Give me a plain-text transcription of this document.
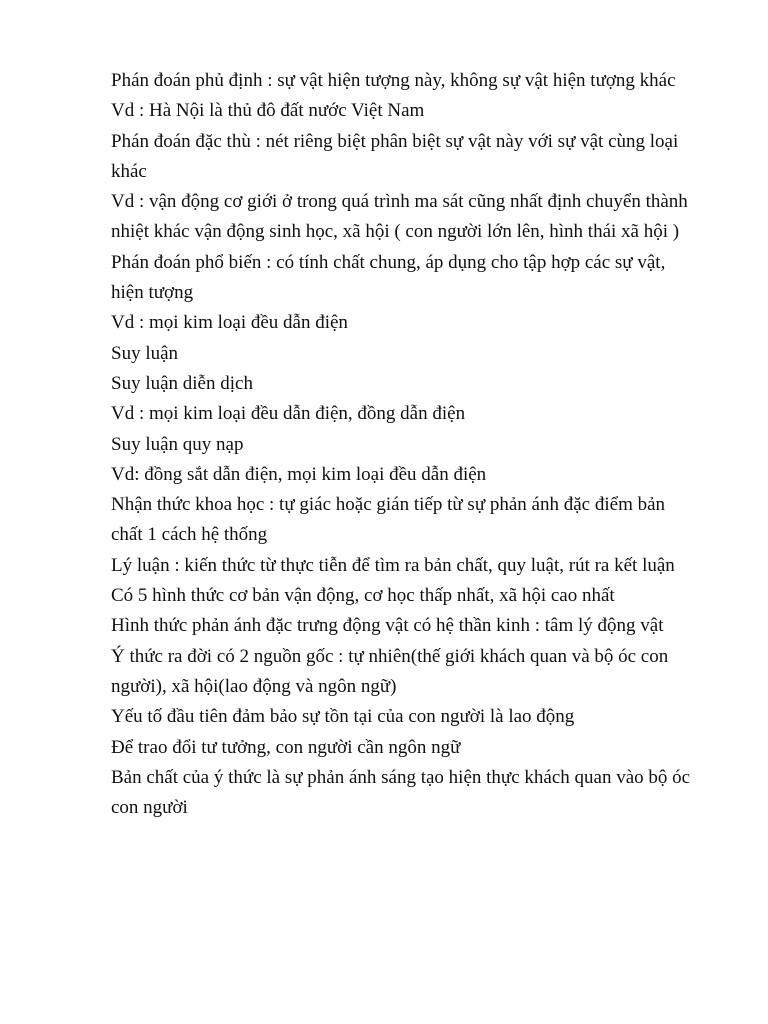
Phán đoán phủ định : sự vật hiện tượng này, không sự vật hiện tượng khác

Vd : Hà Nội là thủ đô đất nước Việt Nam

Phán đoán đặc thù : nét riêng biệt phân biệt sự vật này với sự vật cùng loại khác

Vd : vận động cơ giới ở trong quá trình ma sát cũng nhất định chuyển thành nhiệt khác vận động sinh học, xã hội ( con người lớn lên, hình thái xã hội )

Phán đoán phổ biến : có tính chất chung, áp dụng cho tập hợp các sự vật, hiện tượng

Vd : mọi kim loại đều dẫn điện

Suy luận

Suy luận diễn dịch

Vd : mọi kim loại đều dẫn điện, đồng dẫn điện

Suy luận quy nạp

Vd: đồng sắt dẫn điện, mọi kim loại đều dẫn điện

Nhận thức khoa học : tự giác hoặc gián tiếp từ sự phản ánh đặc điểm bản chất 1 cách hệ thống

Lý luận : kiến thức từ thực tiễn để tìm ra bản chất, quy luật, rút ra kết luận

Có 5 hình thức cơ bản vận động, cơ học thấp nhất, xã hội cao nhất

Hình thức phản ánh đặc trưng động vật có hệ thần kinh : tâm lý động vật

Ý thức ra đời có 2 nguồn gốc : tự nhiên(thế giới khách quan và bộ óc con người), xã hội(lao động và ngôn ngữ)

Yếu tố đầu tiên đảm bảo sự tồn tại của con người là lao động

Để trao đổi tư tưởng, con người cần ngôn ngữ

Bản chất của ý thức là sự phản ánh sáng tạo hiện thực khách quan vào bộ óc con người
